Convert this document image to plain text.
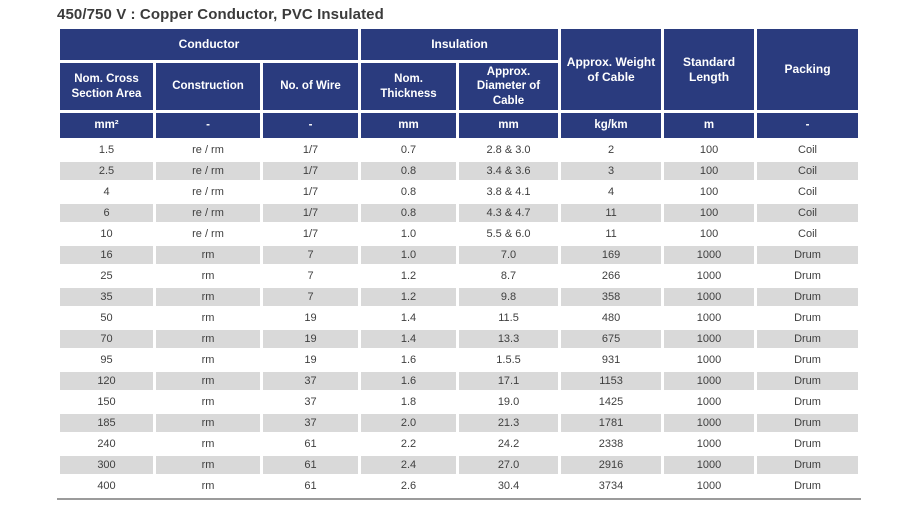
450/750 V : Copper Conductor, PVC Insulated
Conductor			Insulation		Approx. Weight of Cable	Standard Length	Packing
Nom. Cross Section Area	Construction	No. of Wire	Nom. Thickness	Approx. Diameter of Cable			
mm²	-	-	mm	mm	kg/km	m	-
1.5	re / rm	1/7	0.7	2.8 & 3.0	2	100	Coil
2.5	re / rm	1/7	0.8	3.4 & 3.6	3	100	Coil
4	re / rm	1/7	0.8	3.8 & 4.1	4	100	Coil
6	re / rm	1/7	0.8	4.3 & 4.7	11	100	Coil
10	re / rm	1/7	1.0	5.5 & 6.0	11	100	Coil
16	rm	7	1.0	7.0	169	1000	Drum
25	rm	7	1.2	8.7	266	1000	Drum
35	rm	7	1.2	9.8	358	1000	Drum
50	rm	19	1.4	11.5	480	1000	Drum
70	rm	19	1.4	13.3	675	1000	Drum
95	rm	19	1.6	1.5.5	931	1000	Drum
120	rm	37	1.6	17.1	1153	1000	Drum
150	rm	37	1.8	19.0	1425	1000	Drum
185	rm	37	2.0	21.3	1781	1000	Drum
240	rm	61	2.2	24.2	2338	1000	Drum
300	rm	61	2.4	27.0	2916	1000	Drum
400	rm	61	2.6	30.4	3734	1000	Drum
